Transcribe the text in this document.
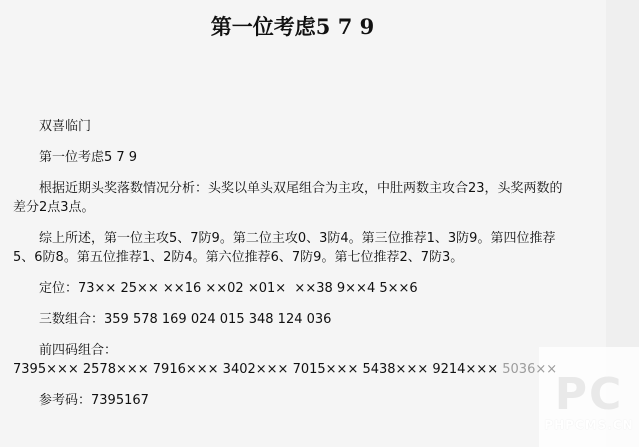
PC
PHPCMS.CN
第一位考虑5 7 9

双喜临门

第一位考虑5 7 9

根据近期头奖落数情况分析：头奖以单头双尾组合为主攻，中肚两数主攻合23，头奖两数的差分2点3点。

综上所述，第一位主攻5、7防9。第二位主攻0、3防4。第三位推荐1、3防9。第四位推荐5、6防8。第五位推荐1、2防4。第六位推荐6、7防9。第七位推荐2、7防3。

定位：73×× 25×× ××16 ××02 ×01×  ××38 9××4 5××6

三数组合：359 578 169 024 015 348 124 036

前四码组合：
7395××× 2578××× 7916××× 3402××× 7015××× 5438××× 9214××× 5036××

参考码：7395167
